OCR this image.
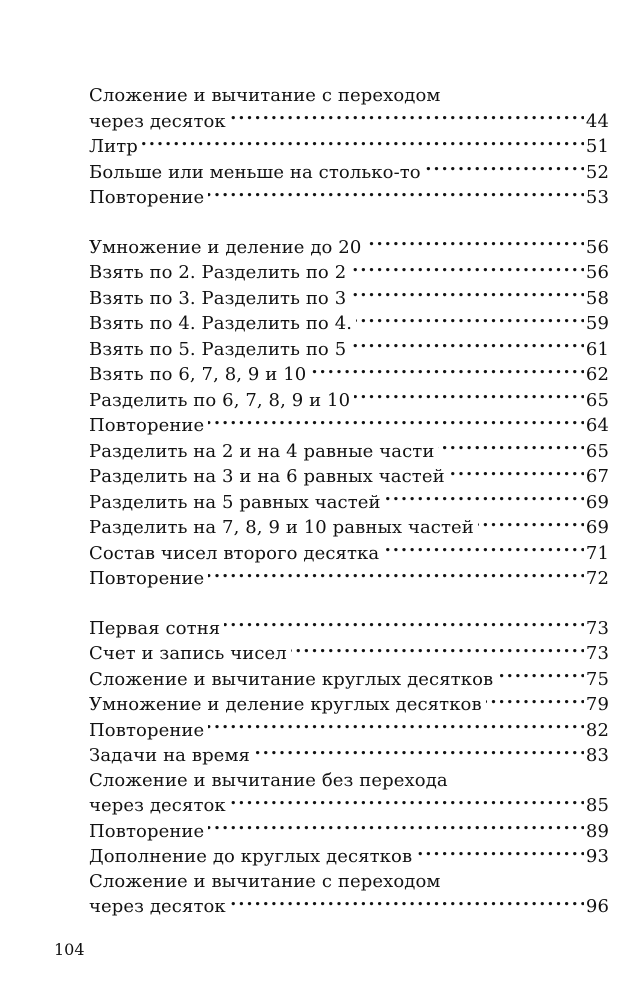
Сложение и вычитание с переходом
через десяток . . .	44
Литр . . .	51
Больше или меньше на столько-то . . .	52
Повторение . . .	53
Умножение и деление до 20 . . .	56
Взять по 2. Разделить по 2 . . .	56
Взять по 3. Разделить по 3 . . .	58
Взять по 4. Разделить по 4. . . .	59
Взять по 5. Разделить по 5 . . .	61
Взять по 6, 7, 8, 9 и 10 . . .	62
Разделить по 6, 7, 8, 9 и 10 . . .	65
Повторение . . .	64
Разделить на 2 и на 4 равные части . . .	65
Разделить на 3 и на 6 равных частей . . .	67
Разделить на 5 равных частей . . .	69
Разделить на 7, 8, 9 и 10 равных частей . . .	69
Состав чисел второго десятка . . .	71
Повторение . . .	72
Первая сотня . . .	73
Счет и запись чисел . . .	73
Сложение и вычитание круглых десятков . . .	75
Умножение и деление круглых десятков . . .	79
Повторение . . .	82
Задачи на время . . .	83
Сложение и вычитание без перехода
через десяток . . .	85
Повторение . . .	89
Дополнение до круглых десятков . . .	93
Сложение и вычитание с переходом
через десяток . . .	96
104
